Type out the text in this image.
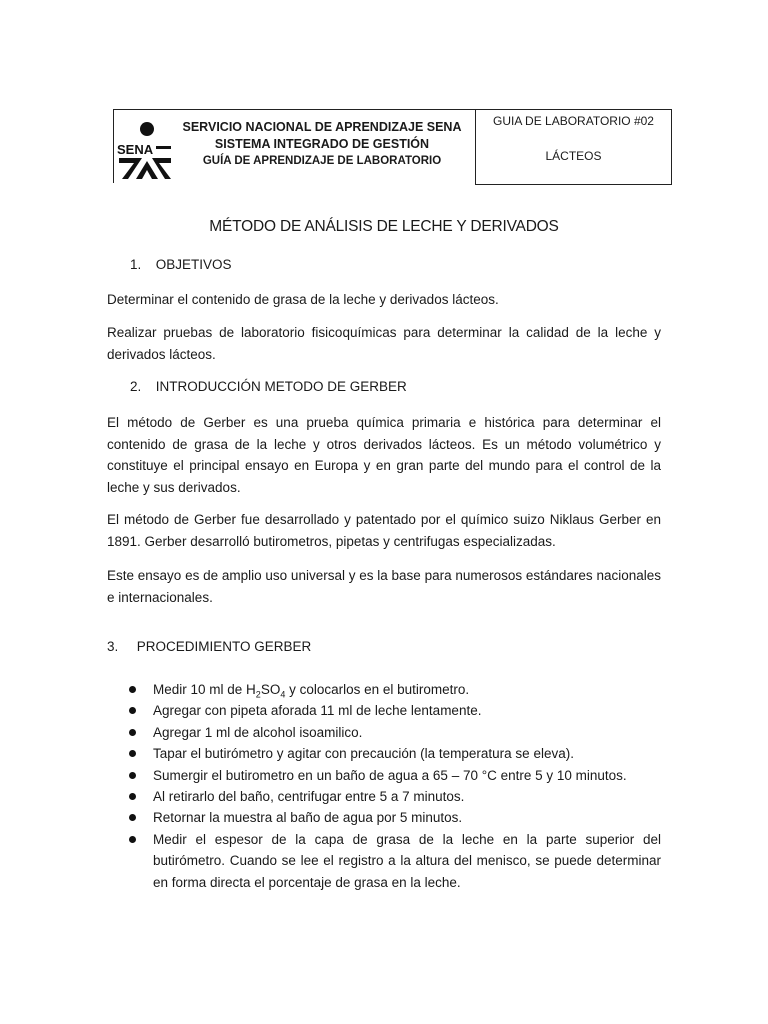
SENA
SERVICIO NACIONAL DE APRENDIZAJE SENA
SISTEMA INTEGRADO DE GESTIÓN
GUÍA DE APRENDIZAJE DE LABORATORIO
GUIA DE LABORATORIO #02
LÁCTEOS
MÉTODO DE ANÁLISIS DE LECHE Y DERIVADOS
1. OBJETIVOS

Determinar el contenido de grasa de la leche y derivados lácteos.

Realizar pruebas de laboratorio fisicoquímicas para determinar la calidad de la leche y derivados lácteos.

2. INTRODUCCIÓN METODO DE GERBER

El método de Gerber es una prueba química primaria e histórica para determinar el contenido de grasa de la leche y otros derivados lácteos. Es un método volumétrico y constituye el principal ensayo en Europa y en gran parte del mundo para el control de la leche y sus derivados.

El método de Gerber fue desarrollado y patentado por el químico suizo Niklaus Gerber en 1891. Gerber desarrolló butirometros, pipetas y centrifugas especializadas.

Este ensayo es de amplio uso universal y es la base para numerosos estándares nacionales e internacionales.

3. PROCEDIMIENTO GERBER
Medir 10 ml de $H_2SO_4$ y colocarlos en el butirometro.
Agregar con pipeta aforada 11 ml de leche lentamente.
Agregar 1 ml de alcohol isoamilico.
Tapar el butirómetro y agitar con precaución (la temperatura se eleva).
Sumergir el butirometro en un baño de agua a 65 – 70 °C entre 5 y 10 minutos.
Al retirarlo del baño, centrifugar entre 5 a 7 minutos.
Retornar la muestra al baño de agua por 5 minutos.
Medir el espesor de la capa de grasa de la leche en la parte superior del butirómetro. Cuando se lee el registro a la altura del menisco, se puede determinar en forma directa el porcentaje de grasa en la leche.
